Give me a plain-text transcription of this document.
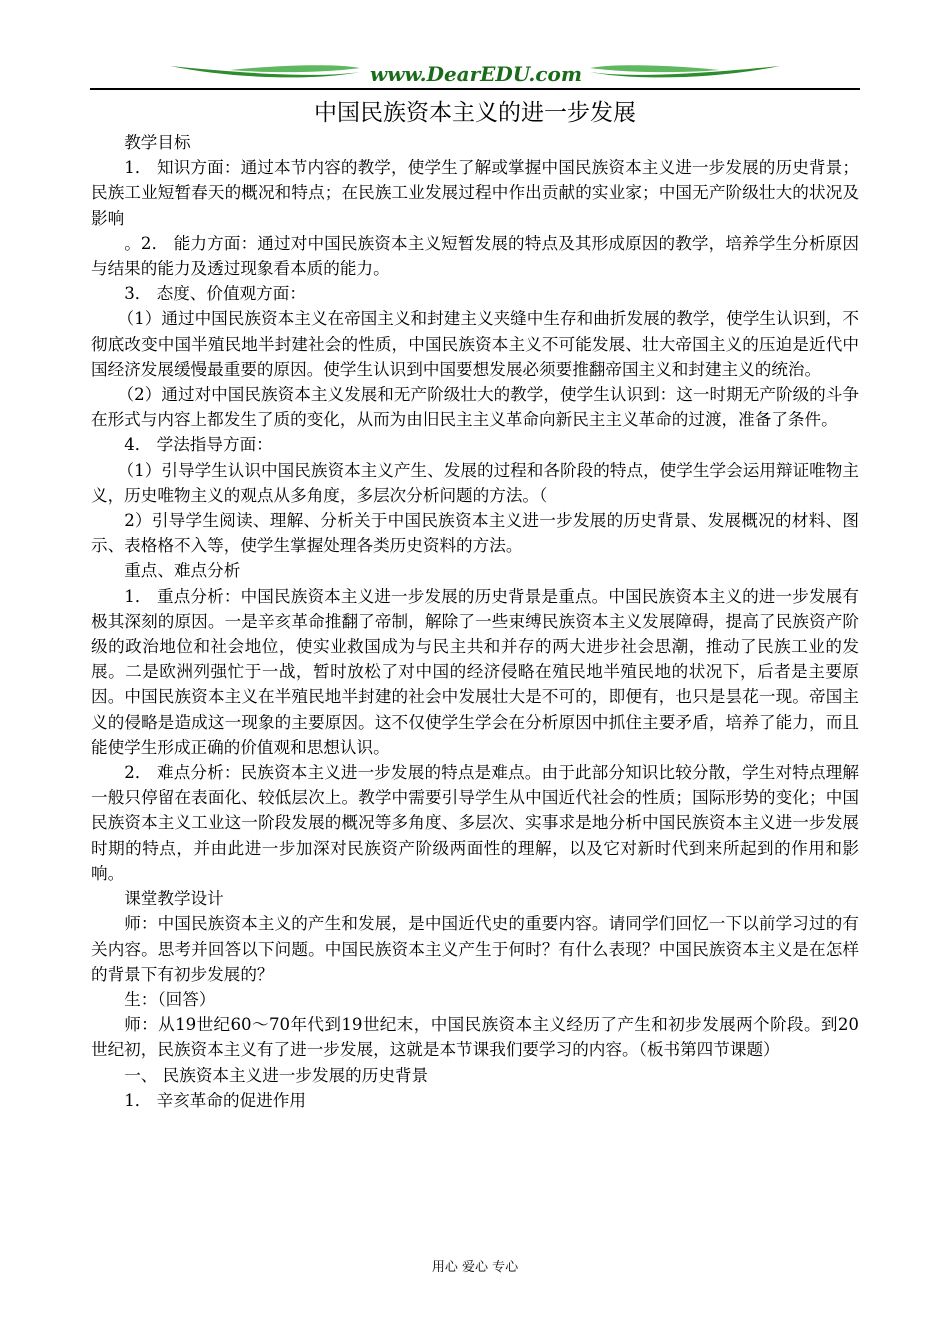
www.DearEDU.com
中国民族资本主义的进一步发展

教学目标

1． 知识方面：通过本节内容的教学，使学生了解或掌握中国民族资本主义进一步发展的历史背景；民族工业短暂春天的概况和特点；在民族工业发展过程中作出贡献的实业家；中国无产阶级壮大的状况及影响

。2． 能力方面：通过对中国民族资本主义短暂发展的特点及其形成原因的教学，培养学生分析原因与结果的能力及透过现象看本质的能力。

3． 态度、价值观方面：

（1）通过中国民族资本主义在帝国主义和封建主义夹缝中生存和曲折发展的教学，使学生认识到，不彻底改变中国半殖民地半封建社会的性质，中国民族资本主义不可能发展、壮大帝国主义的压迫是近代中国经济发展缓慢最重要的原因。使学生认识到中国要想发展必须要推翻帝国主义和封建主义的统治。

（2）通过对中国民族资本主义发展和无产阶级壮大的教学，使学生认识到：这一时期无产阶级的斗争在形式与内容上都发生了质的变化，从而为由旧民主主义革命向新民主主义革命的过渡，准备了条件。

4． 学法指导方面：

（1）引导学生认识中国民族资本主义产生、发展的过程和各阶段的特点，使学生学会运用辩证唯物主义，历史唯物主义的观点从多角度，多层次分析问题的方法。（

2）引导学生阅读、理解、分析关于中国民族资本主义进一步发展的历史背景、发展概况的材料、图示、表格格不入等，使学生掌握处理各类历史资料的方法。

重点、难点分析

1． 重点分析：中国民族资本主义进一步发展的历史背景是重点。中国民族资本主义的进一步发展有极其深刻的原因。一是辛亥革命推翻了帝制，解除了一些束缚民族资本主义发展障碍，提高了民族资产阶级的政治地位和社会地位，使实业救国成为与民主共和并存的两大进步社会思潮，推动了民族工业的发展。二是欧洲列强忙于一战，暂时放松了对中国的经济侵略在殖民地半殖民地的状况下，后者是主要原因。中国民族资本主义在半殖民地半封建的社会中发展壮大是不可的，即便有，也只是昙花一现。帝国主义的侵略是造成这一现象的主要原因。这不仅使学生学会在分析原因中抓住主要矛盾，培养了能力，而且能使学生形成正确的价值观和思想认识。

2． 难点分析：民族资本主义进一步发展的特点是难点。由于此部分知识比较分散，学生对特点理解一般只停留在表面化、较低层次上。教学中需要引导学生从中国近代社会的性质；国际形势的变化；中国民族资本主义工业这一阶段发展的概况等多角度、多层次、实事求是地分析中国民族资本主义进一步发展时期的特点，并由此进一步加深对民族资产阶级两面性的理解，以及它对新时代到来所起到的作用和影响。

课堂教学设计

师：中国民族资本主义的产生和发展，是中国近代史的重要内容。请同学们回忆一下以前学习过的有关内容。思考并回答以下问题。中国民族资本主义产生于何时？有什么表现？中国民族资本主义是在怎样的背景下有初步发展的？

生：（回答）

师：从19世纪60～70年代到19世纪末，中国民族资本主义经历了产生和初步发展两个阶段。到20世纪初，民族资本主义有了进一步发展，这就是本节课我们要学习的内容。（板书第四节课题）

一、 民族资本主义进一步发展的历史背景

1． 辛亥革命的促进作用

用心 爱心 专心
